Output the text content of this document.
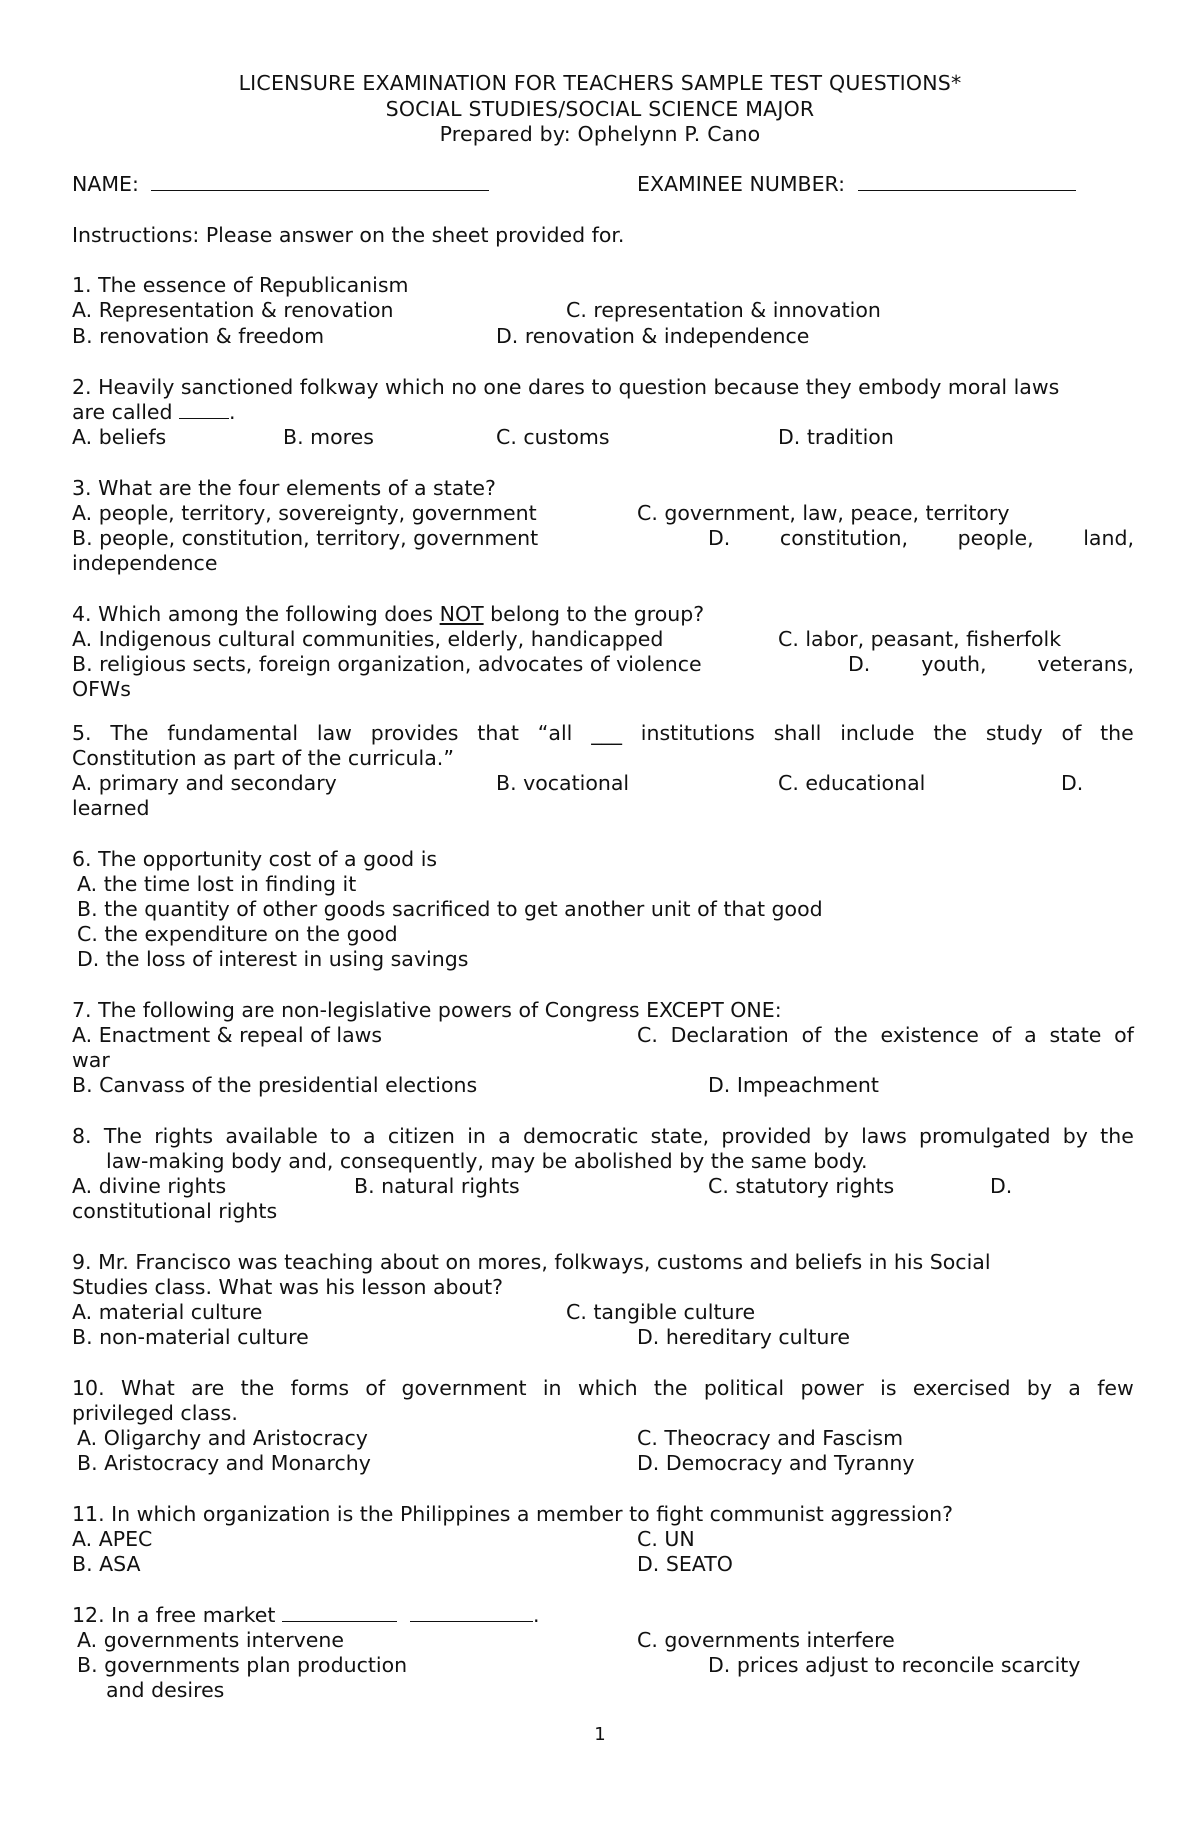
LICENSURE EXAMINATION FOR TEACHERS SAMPLE TEST QUESTIONS*
SOCIAL STUDIES/SOCIAL SCIENCE MAJOR
Prepared by: Ophelynn P. Cano
NAME:	EXAMINEE NUMBER:
Instructions: Please answer on the sheet provided for.
1. The essence of Republicanism
A. Representation & renovation	C. representation & innovation
B. renovation & freedom	D. renovation & independence
2. Heavily sanctioned folkway which no one dares to question because they embody moral laws
are called .
A. beliefs	B. mores	C. customs	D. tradition
3. What are the four elements of a state?
A. people, territory, sovereignty, government	C. government, law, peace, territory
B. people, constitution, territory, government	D. constitution, people, land,
independence
4. Which among the following does NOT belong to the group?
A. Indigenous cultural communities, elderly, handicapped	C. labor, peasant, fisherfolk
B. religious sects, foreign organization, advocates of violence	D. youth, veterans,
OFWs
5. The fundamental law provides that “all ___ institutions shall include the study of the
Constitution as part of the curricula.”
A. primary and secondary	B. vocational	C. educational	D.
learned
6. The opportunity cost of a good is
A. the time lost in finding it
B. the quantity of other goods sacrificed to get another unit of that good
C. the expenditure on the good
D. the loss of interest in using savings
7. The following are non-legislative powers of Congress EXCEPT ONE:
A. Enactment & repeal of laws	C. Declaration of the existence of a state of
war
B. Canvass of the presidential elections	D. Impeachment
8. The rights available to a citizen in a democratic state, provided by laws promulgated by the
law-making body and, consequently, may be abolished by the same body.
A. divine rights	B. natural rights	C. statutory rights	D.
constitutional rights
9. Mr. Francisco was teaching about on mores, folkways, customs and beliefs in his Social
Studies class. What was his lesson about?
A. material culture	C. tangible culture
B. non-material culture	D. hereditary culture
10. What are the forms of government in which the political power is exercised by a few
privileged class.
A. Oligarchy and Aristocracy	C. Theocracy and Fascism
B. Aristocracy and Monarchy	D. Democracy and Tyranny
11. In which organization is the Philippines a member to fight communist aggression?
A. APEC	C. UN
B. ASA	D. SEATO
12. In a free market	.
A. governments intervene	C. governments interfere
B. governments plan production	D. prices adjust to reconcile scarcity
and desires
1
